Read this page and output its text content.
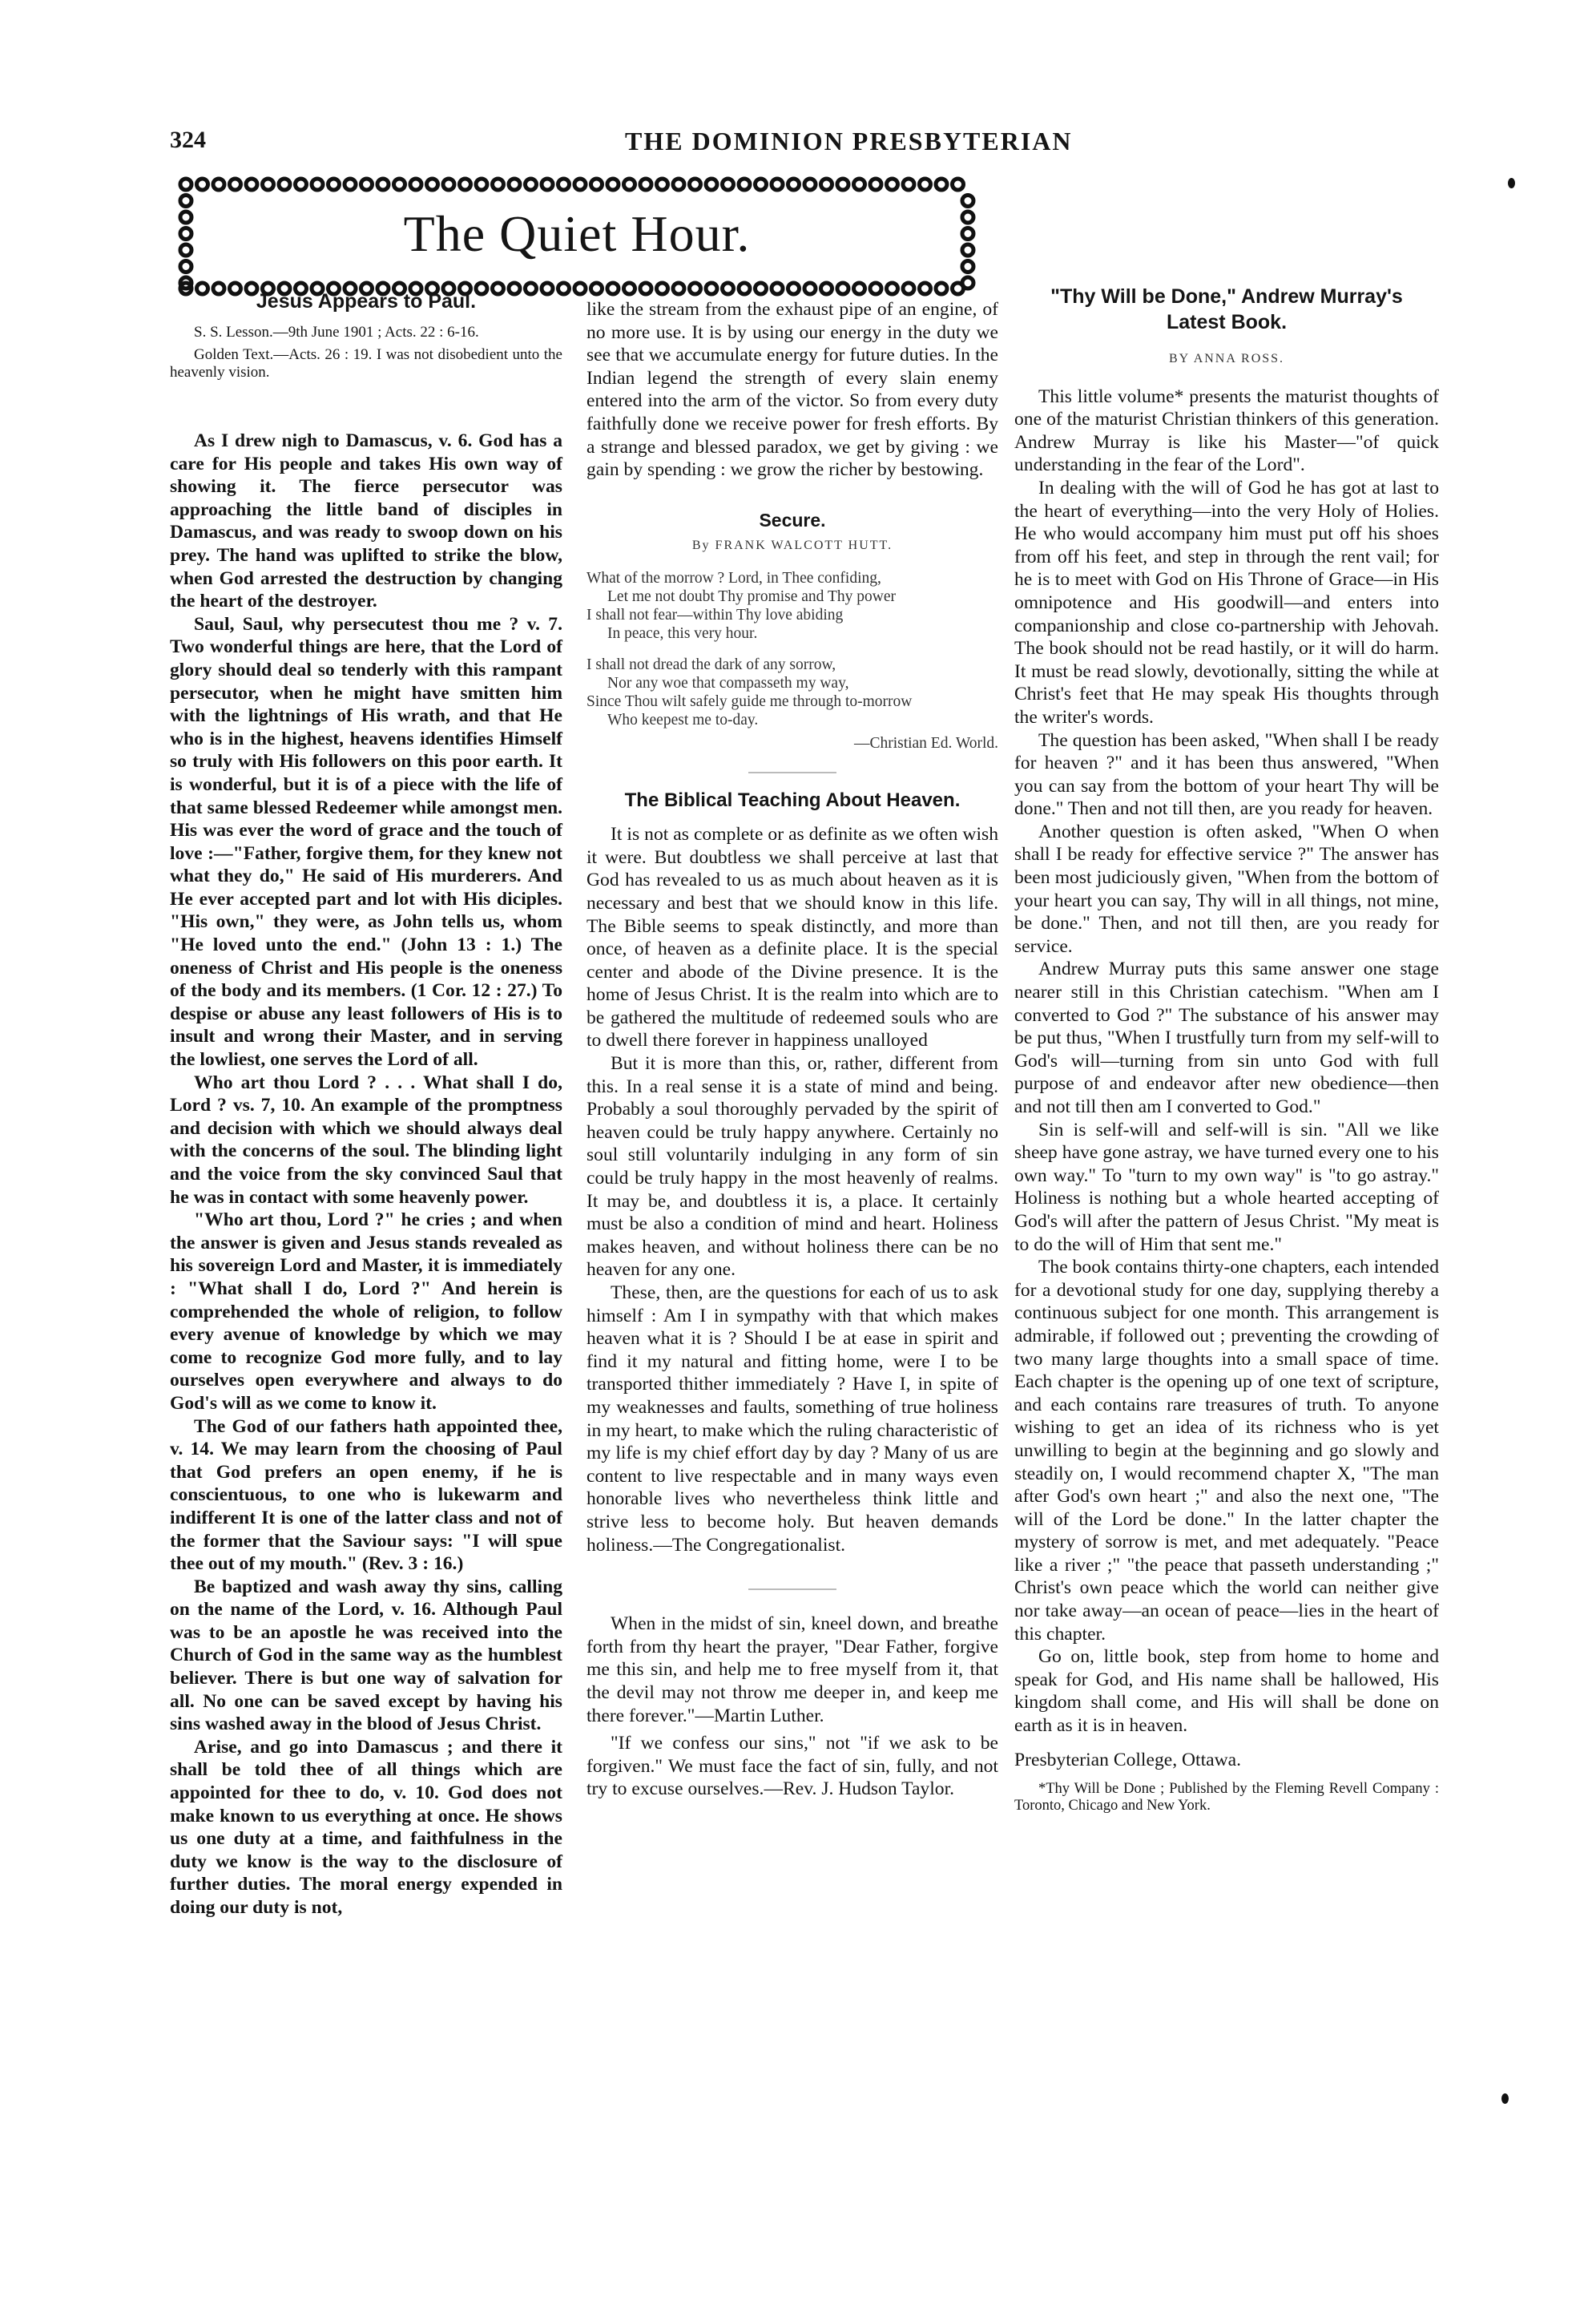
324	THE DOMINION PRESBYTERIAN
The Quiet Hour.
Jesus Appears to Paul.
S. S. Lesson.—9th June 1901 ; Acts. 22 : 6-16.
Golden Text.—Acts. 26 : 19. I was not disobedient unto the heavenly vision.

As I drew nigh to Damascus, v. 6. God has a care for His people and takes His own way of showing it. The fierce persecutor was approaching the little band of disciples in Damascus, and was ready to swoop down on his prey. The hand was uplifted to strike the blow, when God arrested the destruction by changing the heart of the destroyer.

Saul, Saul, why persecutest thou me ? v. 7. Two wonderful things are here, that the Lord of glory should deal so tenderly with this rampant persecutor, when he might have smitten him with the lightnings of His wrath, and that He who is in the highest, heavens identifies Himself so truly with His followers on this poor earth. It is wonderful, but it is of a piece with the life of that same blessed Redeemer while amongst men. His was ever the word of grace and the touch of love :—"Father, forgive them, for they knew not what they do," He said of His murderers. And He ever accepted part and lot with His diciples. "His own," they were, as John tells us, whom "He loved unto the end." (John 13 : 1.) The oneness of Christ and His people is the oneness of the body and its members. (1 Cor. 12 : 27.) To despise or abuse any least followers of His is to insult and wrong their Master, and in serving the lowliest, one serves the Lord of all.

Who art thou Lord ? . . . What shall I do, Lord ? vs. 7, 10. An example of the promptness and decision with which we should always deal with the concerns of the soul. The blinding light and the voice from the sky convinced Saul that he was in contact with some heavenly power.

"Who art thou, Lord ?" he cries ; and when the answer is given and Jesus stands revealed as his sovereign Lord and Master, it is immediately : "What shall I do, Lord ?" And herein is comprehended the whole of religion, to follow every avenue of knowledge by which we may come to recognize God more fully, and to lay ourselves open everywhere and always to do God's will as we come to know it.

The God of our fathers hath appointed thee, v. 14. We may learn from the choosing of Paul that God prefers an open enemy, if he is conscientuous, to one who is lukewarm and indifferent It is one of the latter class and not of the former that the Saviour says: "I will spue thee out of my mouth." (Rev. 3 : 16.)

Be baptized and wash away thy sins, calling on the name of the Lord, v. 16. Although Paul was to be an apostle he was received into the Church of God in the same way as the humblest believer. There is but one way of salvation for all. No one can be saved except by having his sins washed away in the blood of Jesus Christ.

Arise, and go into Damascus ; and there it shall be told thee of all things which are appointed for thee to do, v. 10. God does not make known to us everything at once. He shows us one duty at a time, and faithfulness in the duty we know is the way to the disclosure of further duties. The moral energy expended in doing our duty is not,

like the stream from the exhaust pipe of an engine, of no more use. It is by using our energy in the duty we see that we accumulate energy for future duties. In the Indian legend the strength of every slain enemy entered into the arm of the victor. So from every duty faithfully done we receive power for fresh efforts. By a strange and blessed paradox, we get by giving : we gain by spending : we grow the richer by bestowing.

Secure.
By FRANK WALCOTT HUTT.

What of the morrow ? Lord, in Thee confiding,

Let me not doubt Thy promise and Thy power

I shall not fear—within Thy love abiding

In peace, this very hour.

I shall not dread the dark of any sorrow,

Nor any woe that compasseth my way,

Since Thou wilt safely guide me through to-morrow

Who keepest me to-day.

—Christian Ed. World.
The Biblical Teaching About Heaven.

It is not as complete or as definite as we often wish it were. But doubtless we shall perceive at last that God has revealed to us as much about heaven as it is necessary and best that we should know in this life. The Bible seems to speak distinctly, and more than once, of heaven as a definite place. It is the special center and abode of the Divine presence. It is the home of Jesus Christ. It is the realm into which are to be gathered the multitude of redeemed souls who are to dwell there forever in happiness unalloyed

But it is more than this, or, rather, different from this. In a real sense it is a state of mind and being. Probably a soul thoroughly pervaded by the spirit of heaven could be truly happy anywhere. Certainly no soul still voluntarily indulging in any form of sin could be truly happy in the most heavenly of realms. It may be, and doubtless it is, a place. It certainly must be also a condition of mind and heart. Holiness makes heaven, and without holiness there can be no heaven for any one.

These, then, are the questions for each of us to ask himself : Am I in sympathy with that which makes heaven what it is ? Should I be at ease in spirit and find it my natural and fitting home, were I to be transported thither immediately ? Have I, in spite of my weaknesses and faults, something of true holiness in my heart, to make which the ruling characteristic of my life is my chief effort day by day ? Many of us are content to live respectable and in many ways even honorable lives who nevertheless think little and strive less to become holy. But heaven demands holiness.—The Congregationalist.

When in the midst of sin, kneel down, and breathe forth from thy heart the prayer, "Dear Father, forgive me this sin, and help me to free myself from it, that the devil may not throw me deeper in, and keep me there forever."—Martin Luther.

"If we confess our sins," not "if we ask to be forgiven." We must face the fact of sin, fully, and not try to excuse ourselves.—Rev. J. Hudson Taylor.

"Thy Will be Done," Andrew Murray's Latest Book.
BY ANNA ROSS.

This little volume* presents the maturist thoughts of one of the maturist Christian thinkers of this generation. Andrew Murray is like his Master—"of quick understanding in the fear of the Lord".

In dealing with the will of God he has got at last to the heart of everything—into the very Holy of Holies. He who would accompany him must put off his shoes from off his feet, and step in through the rent vail; for he is to meet with God on His Throne of Grace—in His omnipotence and His goodwill—and enters into companionship and close co-partnership with Jehovah. The book should not be read hastily, or it will do harm. It must be read slowly, devotionally, sitting the while at Christ's feet that He may speak His thoughts through the writer's words.

The question has been asked, "When shall I be ready for heaven ?" and it has been thus answered, "When you can say from the bottom of your heart Thy will be done." Then and not till then, are you ready for heaven.

Another question is often asked, "When O when shall I be ready for effective service ?" The answer has been most judiciously given, "When from the bottom of your heart you can say, Thy will in all things, not mine, be done." Then, and not till then, are you ready for service.

Andrew Murray puts this same answer one stage nearer still in this Christian catechism. "When am I converted to God ?" The substance of his answer may be put thus, "When I trustfully turn from my self-will to God's will—turning from sin unto God with full purpose of and endeavor after new obedience—then and not till then am I converted to God."

Sin is self-will and self-will is sin. "All we like sheep have gone astray, we have turned every one to his own way." To "turn to my own way" is "to go astray." Holiness is nothing but a whole hearted accepting of God's will after the pattern of Jesus Christ. "My meat is to do the will of Him that sent me."

The book contains thirty-one chapters, each intended for a devotional study for one day, supplying thereby a continuous subject for one month. This arrangement is admirable, if followed out ; preventing the crowding of two many large thoughts into a small space of time. Each chapter is the opening up of one text of scripture, and each contains rare treasures of truth. To anyone wishing to get an idea of its richness who is yet unwilling to begin at the beginning and go slowly and steadily on, I would recommend chapter X, "The man after God's own heart ;" and also the next one, "The will of the Lord be done." In the latter chapter the mystery of sorrow is met, and met adequately. "Peace like a river ;" "the peace that passeth understanding ;" Christ's own peace which the world can neither give nor take away—an ocean of peace—lies in the heart of this chapter.

Go on, little book, step from home to home and speak for God, and His name shall be hallowed, His kingdom shall come, and His will shall be done on earth as it is in heaven.

Presbyterian College, Ottawa.

*Thy Will be Done ; Published by the Fleming Revell Company : Toronto, Chicago and New York.
